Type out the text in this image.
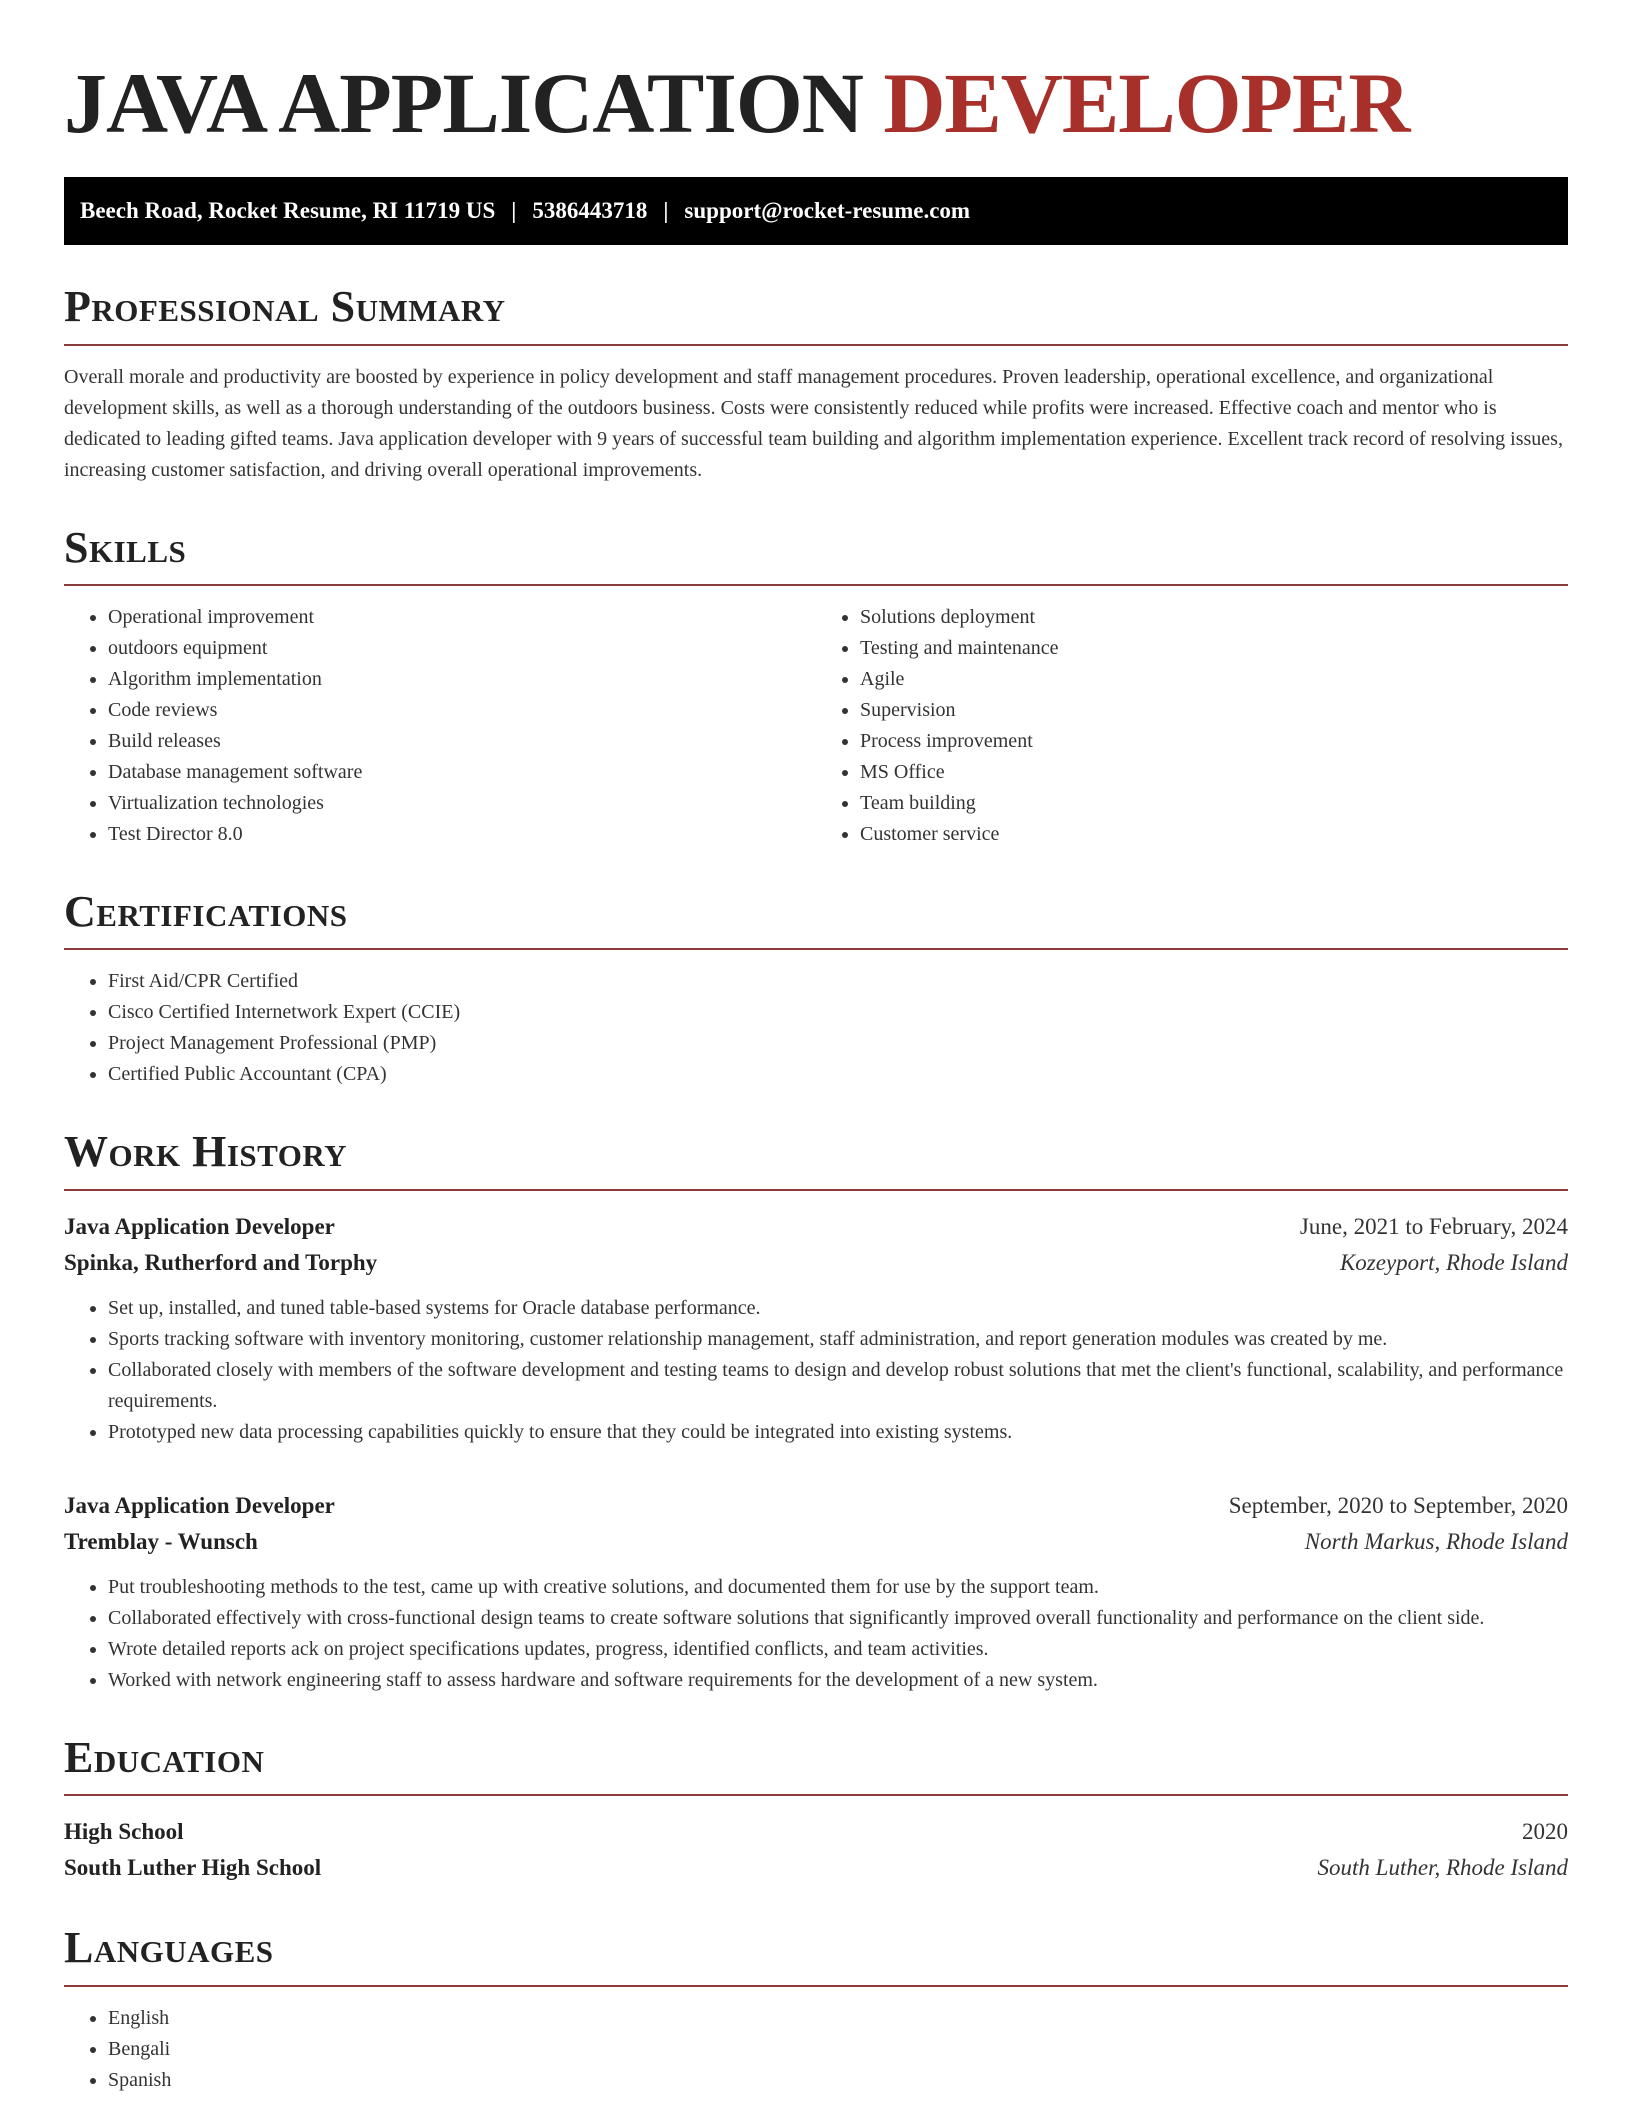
JAVA APPLICATION DEVELOPER
Beech Road, Rocket Resume, RI 11719 US | 5386443718 | support@rocket-resume.com
Professional Summary

Overall morale and productivity are boosted by experience in policy development and staff management procedures. Proven leadership, operational excellence, and organizational development skills, as well as a thorough understanding of the outdoors business. Costs were consistently reduced while profits were increased. Effective coach and mentor who is dedicated to leading gifted teams. Java application developer with 9 years of successful team building and algorithm implementation experience. Excellent track record of resolving issues, increasing customer satisfaction, and driving overall operational improvements.

Skills
• Operational improvement
• outdoors equipment
• Algorithm implementation
• Code reviews
• Build releases
• Database management software
• Virtualization technologies
• Test Director 8.0
• Solutions deployment
• Testing and maintenance
• Agile
• Supervision
• Process improvement
• MS Office
• Team building
• Customer service
Certifications
• First Aid/CPR Certified
• Cisco Certified Internetwork Expert (CCIE)
• Project Management Professional (PMP)
• Certified Public Accountant (CPA)
Work History
Java Application Developer	June, 2021 to February, 2024
Spinka, Rutherford and Torphy	Kozeyport, Rhode Island
• Set up, installed, and tuned table-based systems for Oracle database performance.
• Sports tracking software with inventory monitoring, customer relationship management, staff administration, and report generation modules was created by me.
• Collaborated closely with members of the software development and testing teams to design and develop robust solutions that met the client's functional, scalability, and performance requirements.
• Prototyped new data processing capabilities quickly to ensure that they could be integrated into existing systems.
Java Application Developer	September, 2020 to September, 2020
Tremblay - Wunsch	North Markus, Rhode Island
• Put troubleshooting methods to the test, came up with creative solutions, and documented them for use by the support team.
• Collaborated effectively with cross-functional design teams to create software solutions that significantly improved overall functionality and performance on the client side.
• Wrote detailed reports ack on project specifications updates, progress, identified conflicts, and team activities.
• Worked with network engineering staff to assess hardware and software requirements for the development of a new system.
Education
High School	2020
South Luther High School	South Luther, Rhode Island
Languages
• English
• Bengali
• Spanish
